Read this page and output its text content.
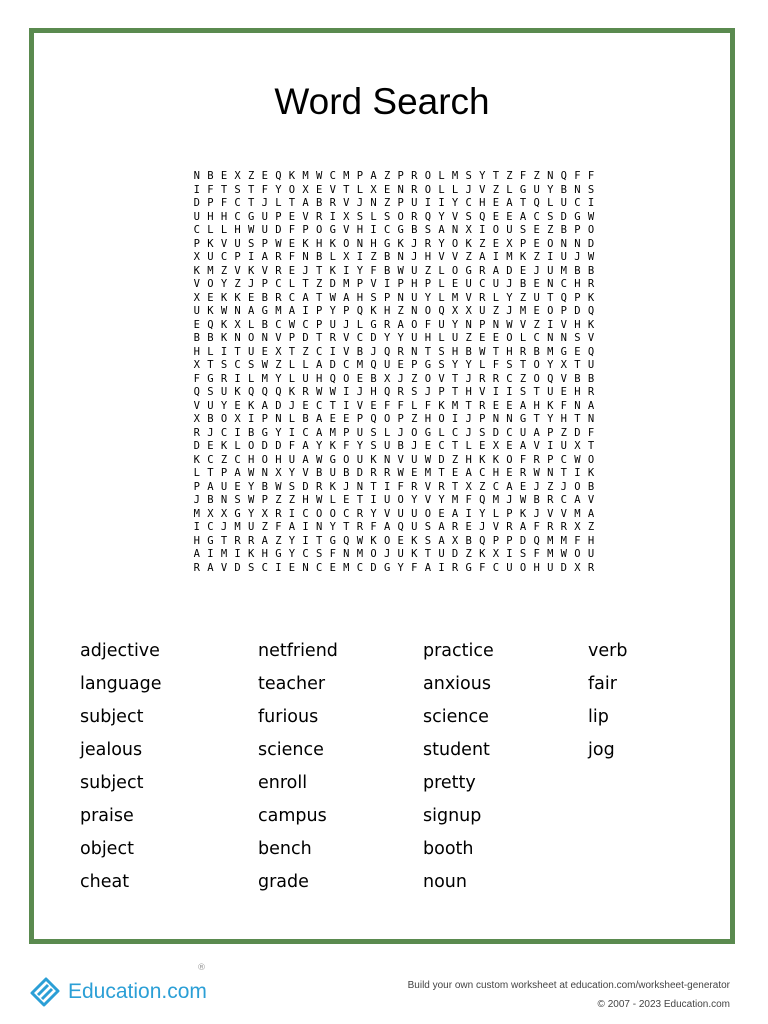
Word Search
N B E X Z E Q K M W C M P A Z P R O L M S Y T Z F Z N Q F F
I F T S T F Y O X E V T L X E N R O L L J V Z L G U Y B N S
D P F C T J L T A B R V J N Z P U I I Y C H E A T Q L U C I
U H H C G U P E V R I X S L S O R Q Y V S Q E E A C S D G W
C L L H W U D F P O G V H I C G B S A N X I O U S E Z B P O
P K V U S P W E K H K O N H G K J R Y O K Z E X P E O N N D
X U C P I A R F N B L X I Z B N J H V V Z A I M K Z I U J W
K M Z V K V R E J T K I Y F B W U Z L O G R A D E J U M B B
V O Y Z J P C L T Z D M P V I P H P L E U C U J B E N C H R
X E K K E B R C A T W A H S P N U Y L M V R L Y Z U T Q P K
U K W N A G M A I P Y P Q K H Z N O Q X X U Z J M E O P D Q
E Q K X L B C W C P U J L G R A O F U Y N P N W V Z I V H K
B B K N O N V P D T R V C D Y Y U H L U Z E E O L C N N S V
H L I T U E X T Z C I V B J Q R N T S H B W T H R B M G E Q
X T S C S W Z L L A D C M Q U E P G S Y Y L F S T O Y X T U
F G R I L M Y L U H Q O E B X J Z O V T J R R C Z O Q V B B
Q S U K Q Q Q K R W W I J H Q R S J P T H V I I S T U E H R
V U Y E K A D J E C T I V E F F L F K M T R E E A H K F N A
X B O X I P N L B A E E P Q O P Z H O I J P N N G T Y H T N
R J C I B G Y I C A M P U S L J O G L C J S D C U A P Z D F
D E K L O D D F A Y K F Y S U B J E C T L E X E A V I U X T
K C Z C H O H U A W G O U K N V U W D Z H K K O F R P C W O
L T P A W N X Y V B U B D R R W E M T E A C H E R W N T I K
P A U E Y B W S D R K J N T I F R V R T X Z C A E J Z J O B
J B N S W P Z Z H W L E T I U O Y V Y M F Q M J W B R C A V
M X X G Y X R I C O O C R Y V U U O E A I Y L P K J V V M A
I C J M U Z F A I N Y T R F A Q U S A R E J V R A F R R X Z
H G T R R A Z Y I T G Q W K O E K S A X B Q P P D Q M M F H
A I M I K H G Y C S F N M O J U K T U D Z K X I S F M W O U
R A V D S C I E N C E M C D G Y F A I R G F C U O H U D X R
adjective
language
subject
jealous
subject
praise
object
cheat
netfriend
teacher
furious
science
enroll
campus
bench
grade
practice
anxious
science
student
pretty
signup
booth
noun
verb
fair
lip
jog
®
Education.com	Build your own custom worksheet at education.com/worksheet-generator
© 2007 - 2023 Education.com
